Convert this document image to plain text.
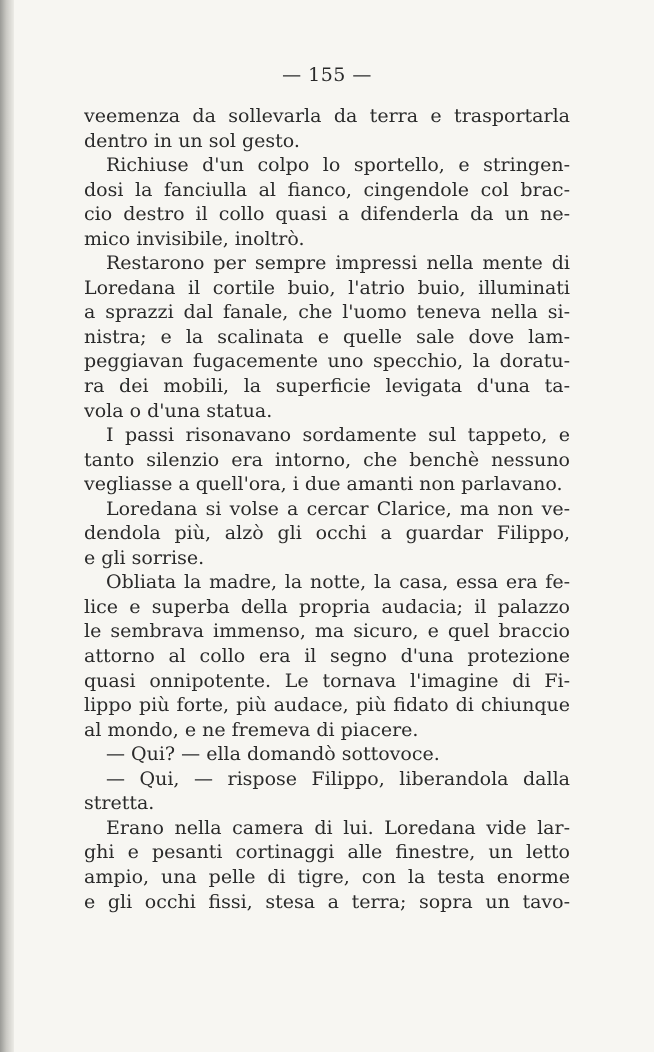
— 155 —
veemenza da sollevarla da terra e trasportarla
dentro in un sol gesto.
Richiuse d'un colpo lo sportello, e stringen-
dosi la fanciulla al fianco, cingendole col brac-
cio destro il collo quasi a difenderla da un ne-
mico invisibile, inoltrò.
Restarono per sempre impressi nella mente di
Loredana il cortile buio, l'atrio buio, illuminati
a sprazzi dal fanale, che l'uomo teneva nella si-
nistra; e la scalinata e quelle sale dove lam-
peggiavan fugacemente uno specchio, la doratu-
ra dei mobili, la superficie levigata d'una ta-
vola o d'una statua.
I passi risonavano sordamente sul tappeto, e
tanto silenzio era intorno, che benchè nessuno
vegliasse a quell'ora, i due amanti non parlavano.
Loredana si volse a cercar Clarice, ma non ve-
dendola più, alzò gli occhi a guardar Filippo,
e gli sorrise.
Obliata la madre, la notte, la casa, essa era fe-
lice e superba della propria audacia; il palazzo
le sembrava immenso, ma sicuro, e quel braccio
attorno al collo era il segno d'una protezione
quasi onnipotente. Le tornava l'imagine di Fi-
lippo più forte, più audace, più fidato di chiunque
al mondo, e ne fremeva di piacere.
— Qui? — ella domandò sottovoce.
— Qui, — rispose Filippo, liberandola dalla
stretta.
Erano nella camera di lui. Loredana vide lar-
ghi e pesanti cortinaggi alle finestre, un letto
ampio, una pelle di tigre, con la testa enorme
e gli occhi fissi, stesa a terra; sopra un tavo-
